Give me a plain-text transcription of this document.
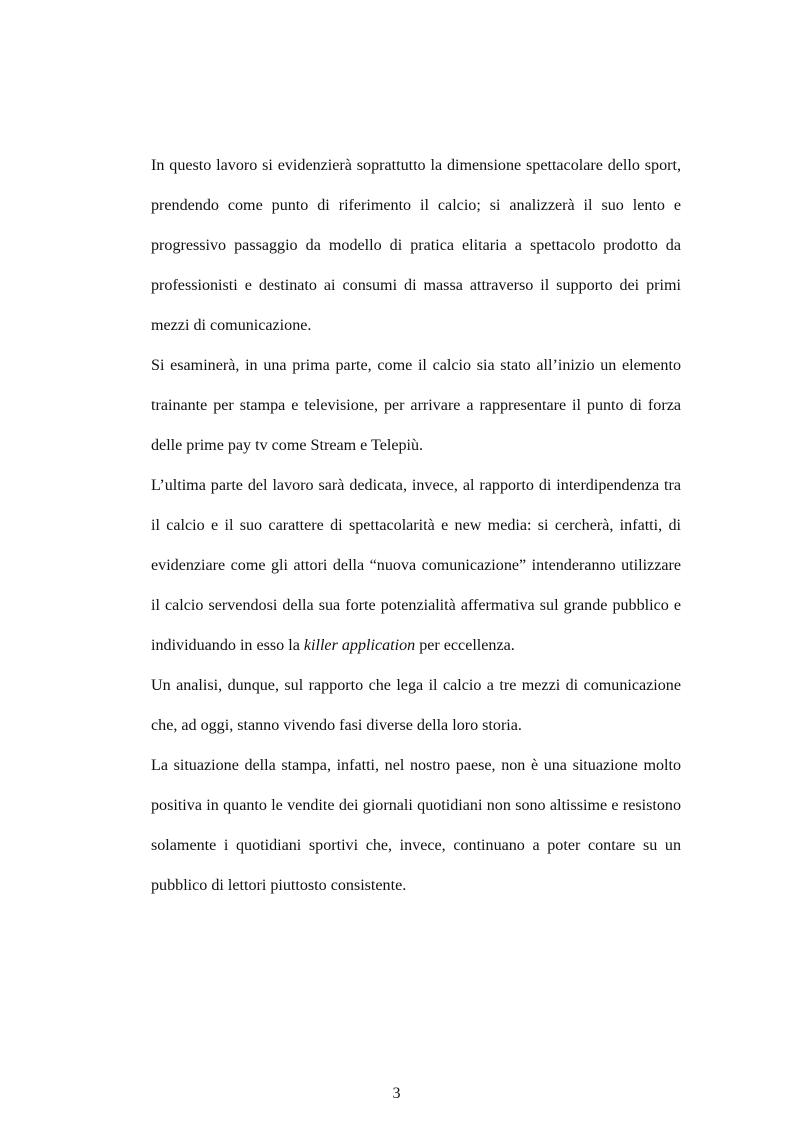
In questo lavoro si evidenzierà soprattutto la dimensione spettacolare dello sport, prendendo come punto di riferimento il calcio; si analizzerà il suo lento e progressivo passaggio da modello di pratica elitaria a spettacolo prodotto da professionisti e destinato ai consumi di massa attraverso il supporto dei primi mezzi di comunicazione.

Si esaminerà, in una prima parte, come il calcio sia stato all’inizio un elemento trainante per stampa e televisione, per arrivare a rappresentare il punto di forza delle prime pay tv come Stream e Telepiù.

L’ultima parte del lavoro sarà dedicata, invece, al rapporto di interdipendenza tra il calcio e il suo carattere di spettacolarità e new media: si cercherà, infatti, di evidenziare come gli attori della “nuova comunicazione” intenderanno utilizzare il calcio servendosi della sua forte potenzialità affermativa sul grande pubblico e individuando in esso la killer application per eccellenza.

Un analisi, dunque, sul rapporto che lega il calcio a tre mezzi di comunicazione che, ad oggi, stanno vivendo fasi diverse della loro storia.

La situazione della stampa, infatti, nel nostro paese, non è una situazione molto positiva in quanto le vendite dei giornali quotidiani non sono altissime e resistono solamente i quotidiani sportivi che, invece, continuano a poter contare su un pubblico di lettori piuttosto consistente.

3
